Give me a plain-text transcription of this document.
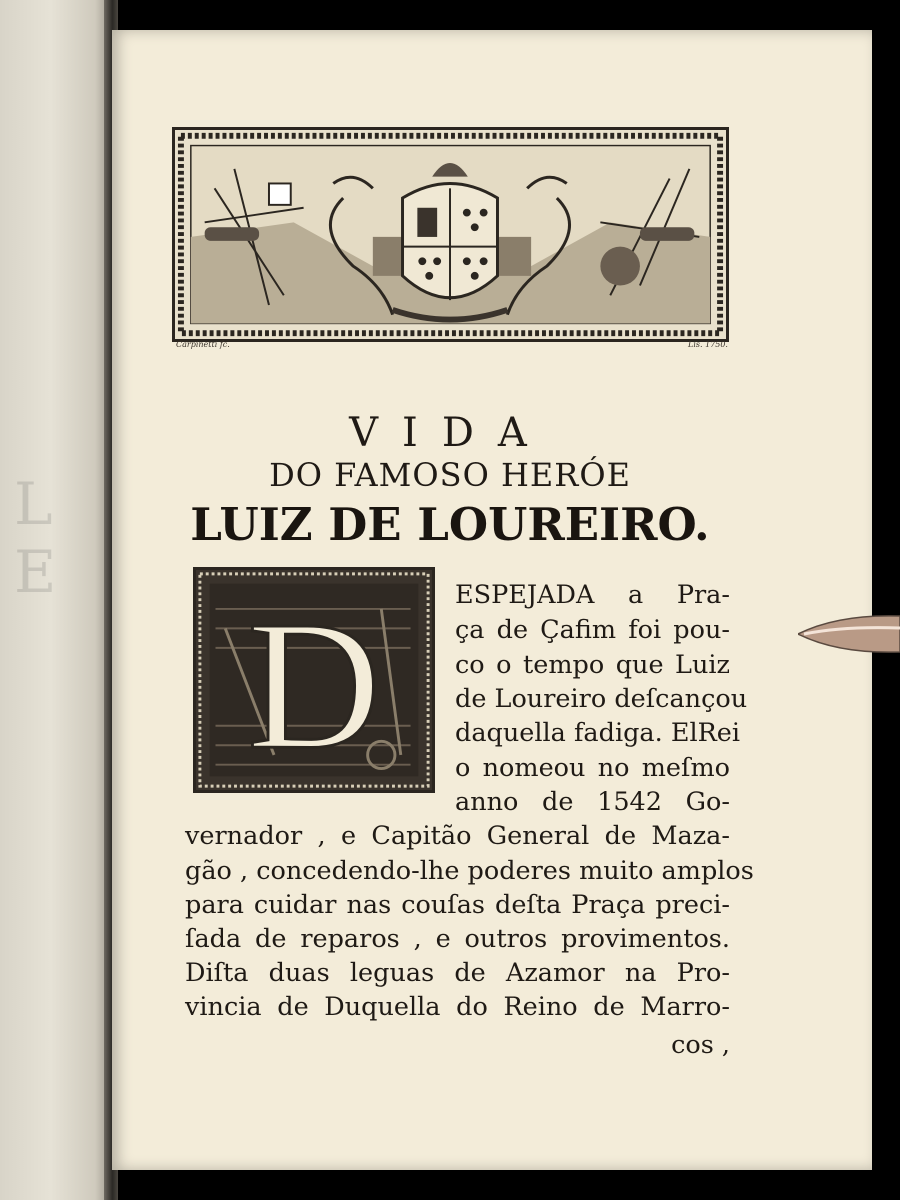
L
E
Carpinetti fc.	Lis. 1750.
VIDA
DO FAMOSO HERÓE
LUIZ DE LOUREIRO.
D	ESPEJADA a Pra-
ça de Çafim foi pou-
co o tempo que Luiz
de Loureiro deſcançou
daquella fadiga. ElRei
o nomeou no meſmo
anno de 1542 Go-
vernador , e Capitão General de Maza-
gão , concedendo-lhe poderes muito amplos
para cuidar nas couſas deſta Praça preci-
ſada de reparos , e outros provimentos.
Diſta duas leguas de Azamor na Pro-
vincia de Duquella do Reino de Marro-
cos ,
